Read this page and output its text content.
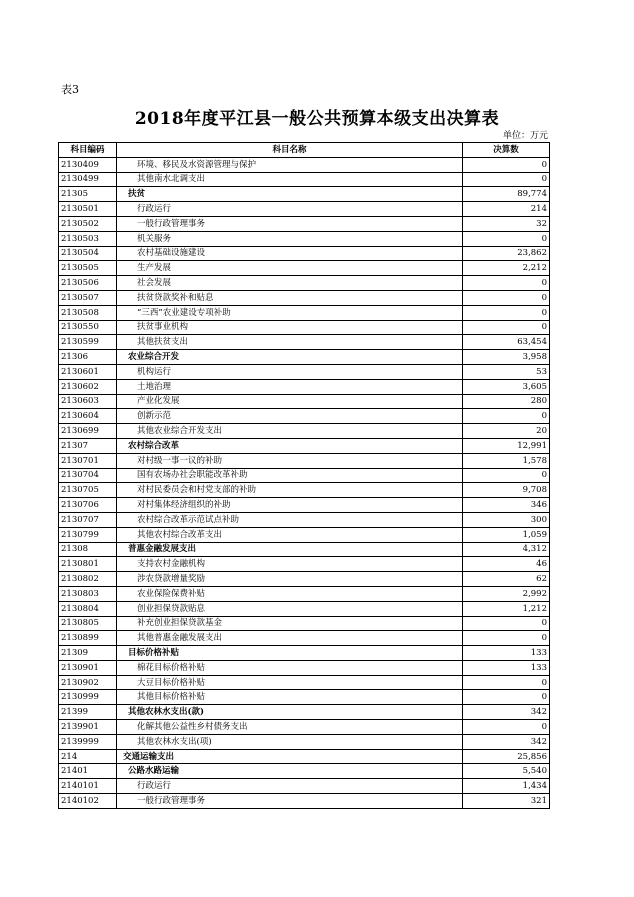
表3
2018年度平江县一般公共预算本级支出决算表
单位：万元
科目编码	科目名称	决算数
2130409	环境、移民及水资源管理与保护	0
2130499	其他南水北调支出	0
21305	扶贫	89,774
2130501	行政运行	214
2130502	一般行政管理事务	32
2130503	机关服务	0
2130504	农村基础设施建设	23,862
2130505	生产发展	2,212
2130506	社会发展	0
2130507	扶贫贷款奖补和贴息	0
2130508	“三西”农业建设专项补助	0
2130550	扶贫事业机构	0
2130599	其他扶贫支出	63,454
21306	农业综合开发	3,958
2130601	机构运行	53
2130602	土地治理	3,605
2130603	产业化发展	280
2130604	创新示范	0
2130699	其他农业综合开发支出	20
21307	农村综合改革	12,991
2130701	对村级一事一议的补助	1,578
2130704	国有农场办社会职能改革补助	0
2130705	对村民委员会和村党支部的补助	9,708
2130706	对村集体经济组织的补助	346
2130707	农村综合改革示范试点补助	300
2130799	其他农村综合改革支出	1,059
21308	普惠金融发展支出	4,312
2130801	支持农村金融机构	46
2130802	涉农贷款增量奖励	62
2130803	农业保险保费补贴	2,992
2130804	创业担保贷款贴息	1,212
2130805	补充创业担保贷款基金	0
2130899	其他普惠金融发展支出	0
21309	目标价格补贴	133
2130901	棉花目标价格补贴	133
2130902	大豆目标价格补贴	0
2130999	其他目标价格补贴	0
21399	其他农林水支出(款)	342
2139901	化解其他公益性乡村债务支出	0
2139999	其他农林水支出(项)	342
214	交通运输支出	25,856
21401	公路水路运输	5,540
2140101	行政运行	1,434
2140102	一般行政管理事务	321
